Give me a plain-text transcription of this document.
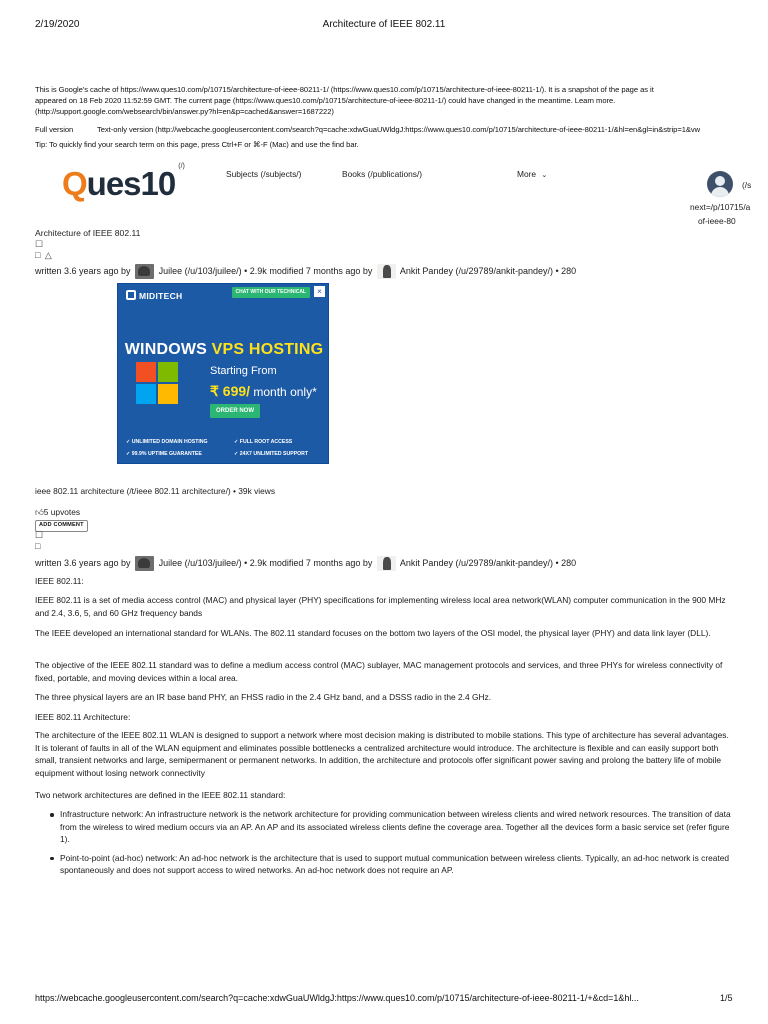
2/19/2020	Architecture of IEEE 802.11
This is Google's cache of https://www.ques10.com/p/10715/architecture-of-ieee-80211-1/ (https://www.ques10.com/p/10715/architecture-of-ieee-80211-1/). It is a snapshot of the page as it
appeared on 18 Feb 2020 11:52:59 GMT. The current page (https://www.ques10.com/p/10715/architecture-of-ieee-80211-1/) could have changed in the meantime. Learn more.
(http://support.google.com/websearch/bin/answer.py?hl=en&p=cached&answer=1687222)
Full version	Text-only version (http://webcache.googleusercontent.com/search?q=cache:xdwGuaUWldgJ:https://www.ques10.com/p/10715/architecture-of-ieee-80211-1/&hl=en&gl=in&strip=1&vw
Tip: To quickly find your search term on this page, press Ctrl+F or ⌘-F (Mac) and use the find bar.
Ques10 (/)
Subjects (/subjects/)	Books (/publications/)	More ⌄
(/s
next=/p/10715/a
of-ieee-80
Architecture of IEEE 802.11
☐
□ △
written 3.6 years ago by	Juilee (/u/103/juilee/) • 2.9k modified 7 months ago by	Ankit Pandey (/u/29789/ankit-pandey/) • 280
MIDITECH	CHAT WITH OUR TECHNICAL	×
WINDOWS VPS HOSTING
Starting From
₹ 699/ month only*
ORDER NOW
✓ UNLIMITED DOMAIN HOSTING	✓ FULL ROOT ACCESS
✓ 99.9% UPTIME GUARANTEE	✓ 24X7 UNLIMITED SUPPORT
ieee 802.11 architecture (/t/ieee 802.11 architecture/) • 39k views
👍︎5 upvotes
ADD COMMENT
☐
□
written 3.6 years ago by	Juilee (/u/103/juilee/) • 2.9k modified 7 months ago by	Ankit Pandey (/u/29789/ankit-pandey/) • 280
IEEE 802.11:
IEEE 802.11 is a set of media access control (MAC) and physical layer (PHY) specifications for implementing wireless local area network(WLAN) computer communication in the 900 MHz and 2.4, 3.6, 5, and 60 GHz frequency bands
The IEEE developed an international standard for WLANs. The 802.11 standard focuses on the bottom two layers of the OSI model, the physical layer (PHY) and data link layer (DLL).
The objective of the IEEE 802.11 standard was to define a medium access control (MAC) sublayer, MAC management protocols and services, and three PHYs for wireless connectivity of fixed, portable, and moving devices within a local area.
The three physical layers are an IR base band PHY, an FHSS radio in the 2.4 GHz band, and a DSSS radio in the 2.4 GHz.
IEEE 802.11 Architecture:
The architecture of the IEEE 802.11 WLAN is designed to support a network where most decision making is distributed to mobile stations. This type of architecture has several advantages. It is tolerant of faults in all of the WLAN equipment and eliminates possible bottlenecks a centralized architecture would introduce. The architecture is flexible and can easily support both small, transient networks and large, semipermanent or permanent networks. In addition, the architecture and protocols offer significant power saving and prolong the battery life of mobile equipment without losing network connectivity
Two network architectures are defined in the IEEE 802.11 standard:
Infrastructure network: An infrastructure network is the network architecture for providing communication between wireless clients and wired network resources. The transition of data from the wireless to wired medium occurs via an AP. An AP and its associated wireless clients define the coverage area. Together all the devices form a basic service set (refer figure 1).
Point-to-point (ad-hoc) network: An ad-hoc network is the architecture that is used to support mutual communication between wireless clients. Typically, an ad-hoc network is created spontaneously and does not support access to wired networks. An ad-hoc network does not require an AP.
https://webcache.googleusercontent.com/search?q=cache:xdwGuaUWldgJ:https://www.ques10.com/p/10715/architecture-of-ieee-80211-1/+&cd=1&hl...	1/5
